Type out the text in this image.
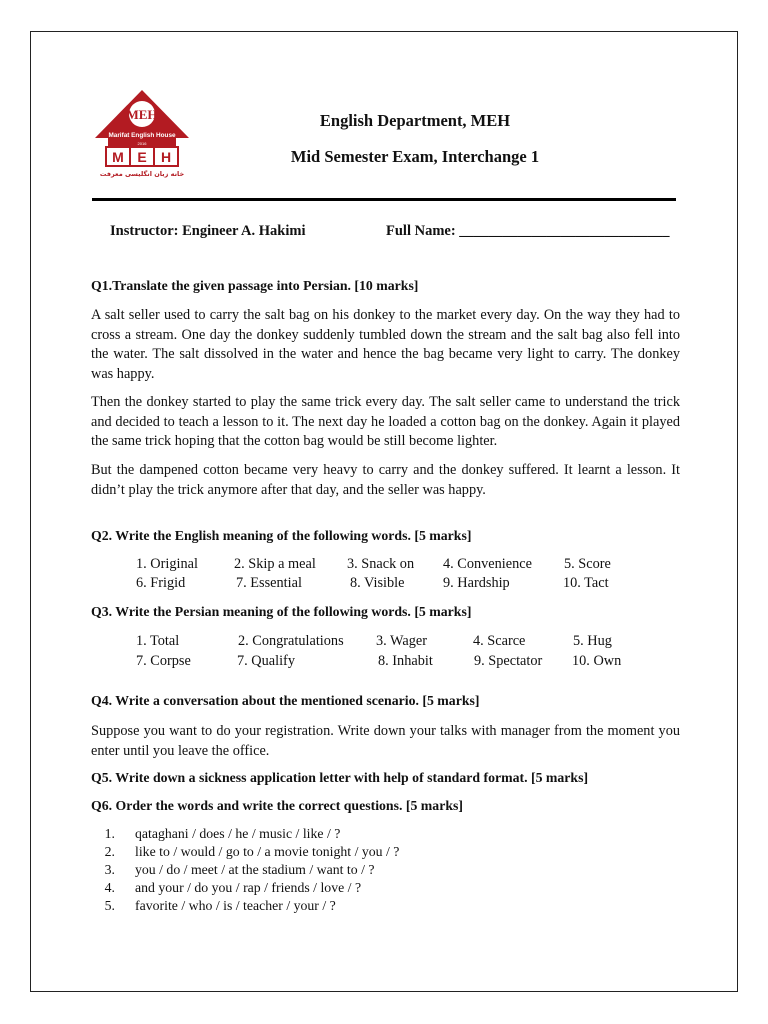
MEH
Marifat English House
2016
M E H
خانه زبان انگلیسی معرفت
English Department, MEH
Mid Semester Exam, Interchange 1
Instructor: Engineer A. Hakimi	Full Name: _____________________________
Q1.Translate the given passage into Persian. [10 marks]
A salt seller used to carry the salt bag on his donkey to the market every day. On the way they had to cross a stream. One day the donkey suddenly tumbled down the stream and the salt bag also fell into the water. The salt dissolved in the water and hence the bag became very light to carry. The donkey was happy.
Then the donkey started to play the same trick every day. The salt seller came to understand the trick and decided to teach a lesson to it. The next day he loaded a cotton bag on the donkey. Again it played the same trick hoping that the cotton bag would be still become lighter.
But the dampened cotton became very heavy to carry and the donkey suffered. It learnt a lesson. It didn’t play the trick anymore after that day, and the seller was happy.
Q2. Write the English meaning of the following words. [5 marks]
1. Original	2. Skip a meal 3. Snack on 4. Convenience 5. Score
6. Frigid	7. Essential	8. Visible	9. Hardship	10. Tact
Q3. Write the Persian meaning of the following words. [5 marks]
1. Total	2. Congratulations 3. Wager	4. Scarce	5. Hug
7. Corpse	7. Qualify	8. Inhabit	9. Spectator 10. Own
Q4. Write a conversation about the mentioned scenario. [5 marks]
Suppose you want to do your registration. Write down your talks with manager from the moment you enter until you leave the office.
Q5. Write down a sickness application letter with help of standard format. [5 marks]
Q6. Order the words and write the correct questions. [5 marks]
1. qataghani / does / he / music / like / ?
2. like to / would / go to / a movie tonight / you / ?
3. you / do / meet / at the stadium / want to / ?
4. and your / do you / rap / friends / love / ?
5. favorite / who / is / teacher / your / ?
